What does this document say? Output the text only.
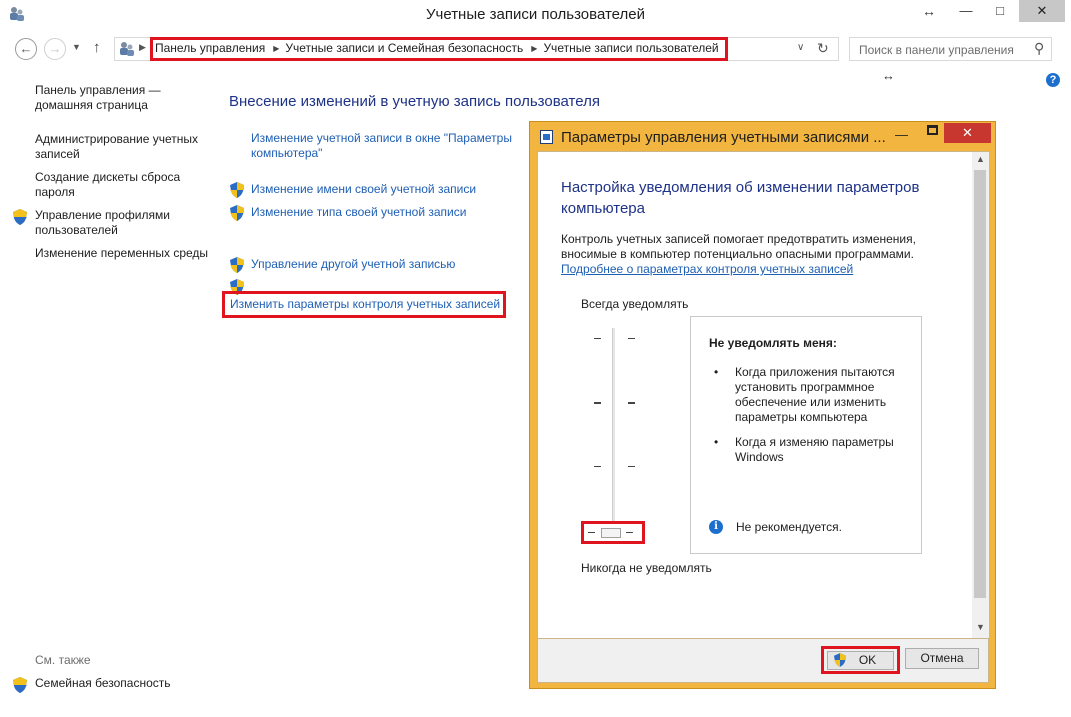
Учетные записи пользователей	↔	—	□	✕
←	→	▼ ↑	▶ Панель управления ▶ Учетные записи и Семейная безопасность ▶ Учетные записи пользователей	∨ ↻	Поиск в панели управления ⚲
↔	?
Панель управления — домашняя страница
Администрирование учетных записей
Создание дискеты сброса пароля
Управление профилями пользователей
Изменение переменных среды
См. также
Семейная безопасность
Внесение изменений в учетную запись пользователя
Изменение учетной записи в окне "Параметры компьютера"
Изменение имени своей учетной записи
Изменение типа своей учетной записи
Управление другой учетной записью
Изменить параметры контроля учетных записей
Параметры управления учетными записями ... —	✕
Настройка уведомления об изменении параметров компьютера
Контроль учетных записей помогает предотвратить изменения, вносимые в компьютер потенциально опасными программами.
Подробнее о параметрах контроля учетных записей
Всегда уведомлять
Никогда не уведомлять
Не уведомлять меня:
•	Когда приложения пытаются установить программное обеспечение или изменить параметры компьютера
•	Когда я изменяю параметры Windows
i	Не рекомендуется.
▲
▼
OK	Отмена
